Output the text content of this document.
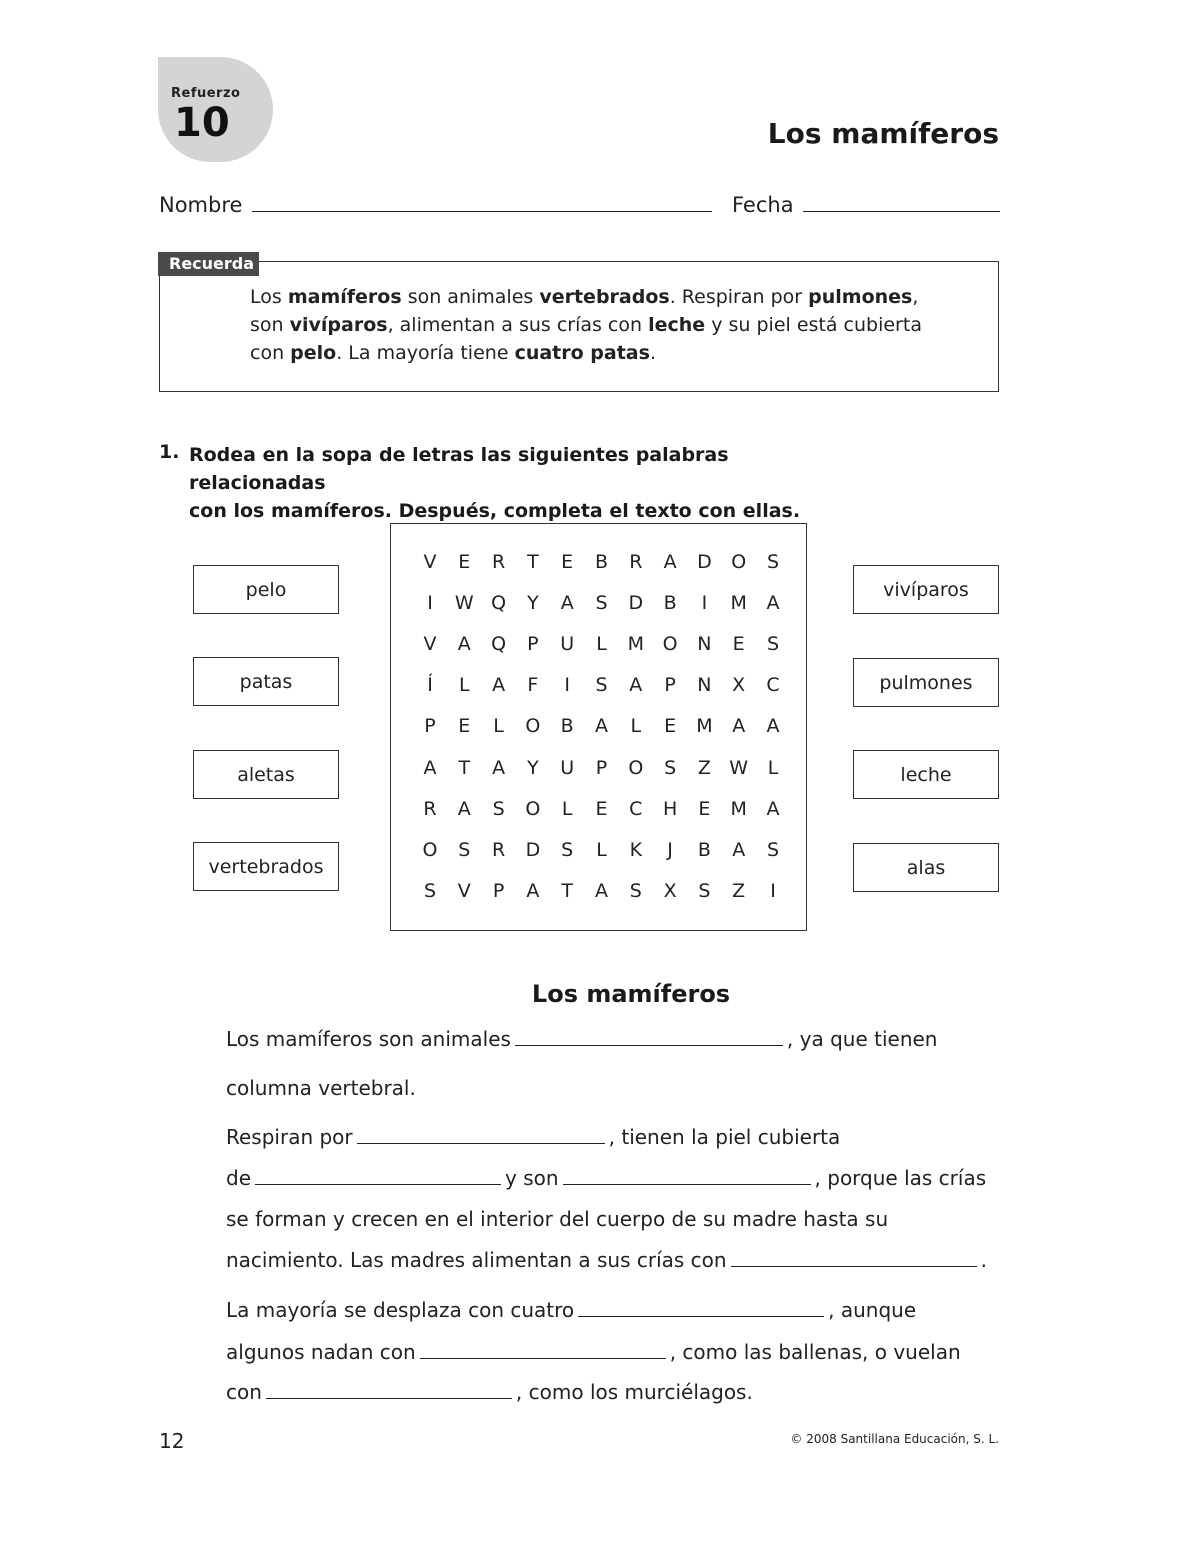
Refuerzo
10	Los mamíferos
Nombre	Fecha
Recuerda
Los mamíferos son animales vertebrados. Respiran por pulmones,
son vivíparos, alimentan a sus crías con leche y su piel está cubierta
con pelo. La mayoría tiene cuatro patas.
1. Rodea en la sopa de letras las siguientes palabras relacionadas
con los mamíferos. Después, completa el texto con ellas.
pelo
patas
aletas
vertebrados
vivíparos
pulmones
leche
alas
V	E	R	T	E	B	R	A	D	O	S
I	W Q	Y	A	S	D	B	I	M	A
V	A	Q	P	U	L	M O	N	E	S
Í	L	A	F	I	S	A	P	N	X	C
P	E	L	O	B	A	L	E	M	A	A
A	T	A	Y	U	P	O	S	Z W	L
R	A	S	O	L	E	C	H	E	M	A
O	S	R	D	S	L	K	J	B	A	S
S	V	P	A	T	A	S	X	S	Z	I
Los mamíferos
Los mamíferos son animales	, ya que tienen
columna vertebral.
Respiran por	, tienen la piel cubierta
de	y son	, porque las crías
se forman y crecen en el interior del cuerpo de su madre hasta su
nacimiento. Las madres alimentan a sus crías con	.
La mayoría se desplaza con cuatro	, aunque
algunos nadan con	, como las ballenas, o vuelan
con	, como los murciélagos.
12	© 2008 Santillana Educación, S. L.
